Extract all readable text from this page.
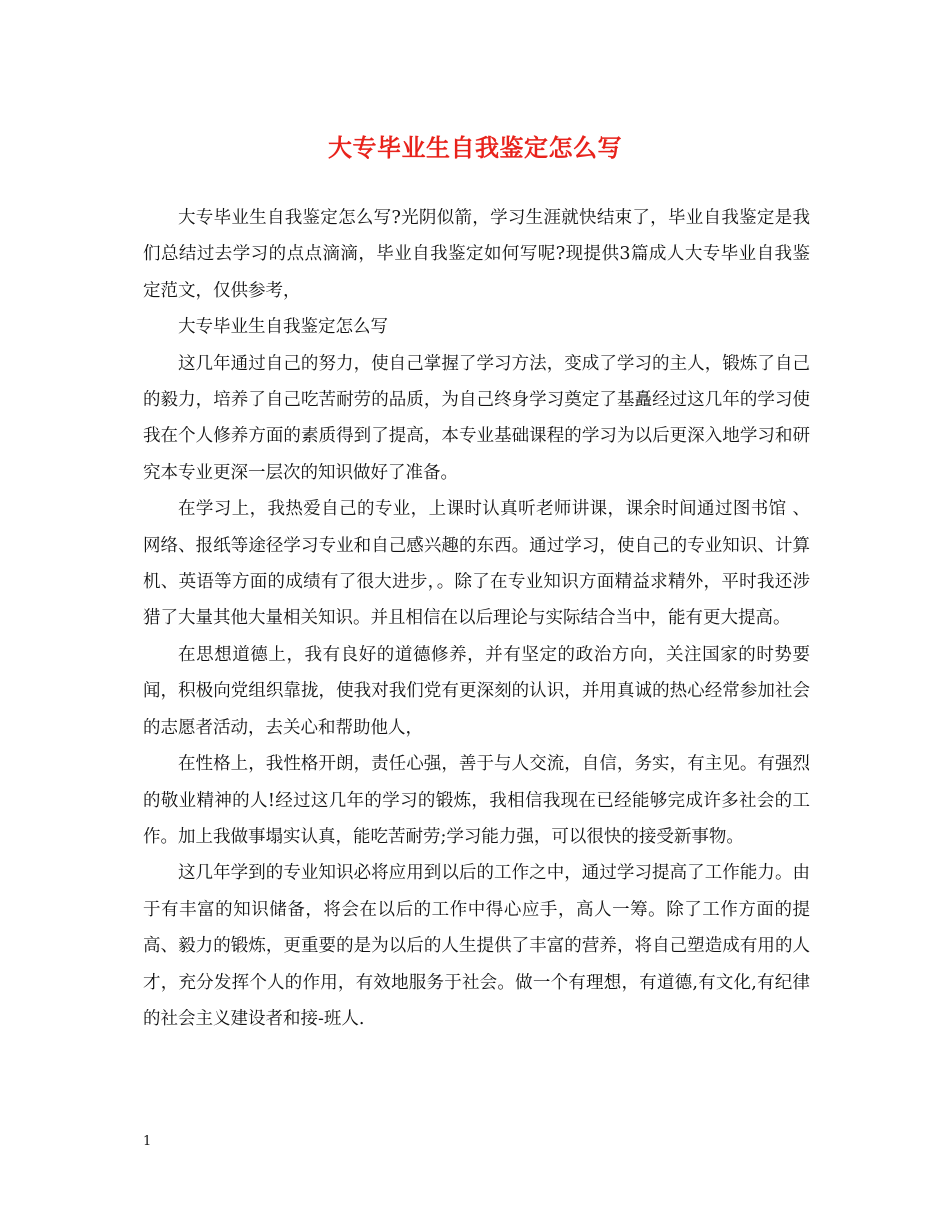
大专毕业生自我鉴定怎么写

大专毕业生自我鉴定怎么写?光阴似箭，学习生涯就快结束了，毕业自我鉴定是我们总结过去学习的点点滴滴，毕业自我鉴定如何写呢?现提供3篇成人大专毕业自我鉴定范文，仅供参考，

大专毕业生自我鉴定怎么写

这几年通过自己的努力，使自己掌握了学习方法，变成了学习的主人，锻炼了自己的毅力，培养了自己吃苦耐劳的品质，为自己终身学习奠定了基矗经过这几年的学习使我在个人修养方面的素质得到了提高，本专业基础课程的学习为以后更深入地学习和研究本专业更深一层次的知识做好了准备。

在学习上，我热爱自己的专业，上课时认真听老师讲课，课余时间通过图书馆 、网络、报纸等途径学习专业和自己感兴趣的东西。通过学习，使自己的专业知识、计算机、英语等方面的成绩有了很大进步，。除了在专业知识方面精益求精外，平时我还涉猎了大量其他大量相关知识。并且相信在以后理论与实际结合当中，能有更大提高。

在思想道德上，我有良好的道德修养，并有坚定的政治方向，关注国家的时势要闻，积极向党组织靠拢，使我对我们党有更深刻的认识，并用真诚的热心经常参加社会的志愿者活动，去关心和帮助他人，

在性格上，我性格开朗，责任心强，善于与人交流，自信，务实，有主见。有强烈的敬业精神的人!经过这几年的学习的锻炼，我相信我现在已经能够完成许多社会的工作。加上我做事塌实认真，能吃苦耐劳;学习能力强，可以很快的接受新事物。

这几年学到的专业知识必将应用到以后的工作之中，通过学习提高了工作能力。由于有丰富的知识储备，将会在以后的工作中得心应手，高人一筹。除了工作方面的提高、毅力的锻炼，更重要的是为以后的人生提供了丰富的营养，将自己塑造成有用的人才，充分发挥个人的作用，有效地服务于社会。做一个有理想，有道德,有文化,有纪律的社会主义建设者和接-班人.

1
